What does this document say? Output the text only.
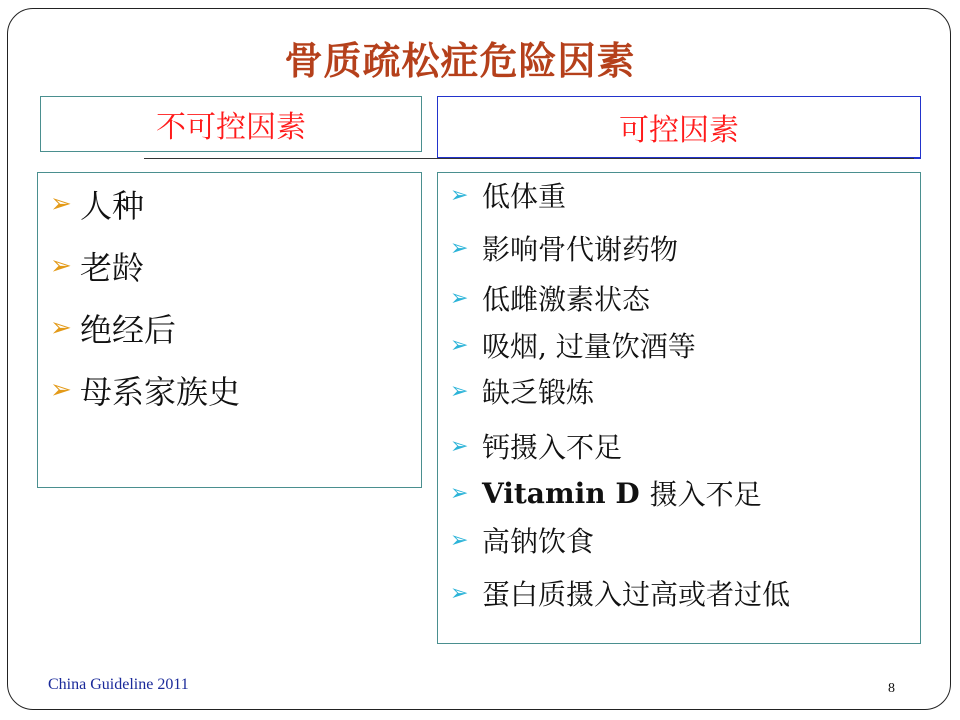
骨质疏松症危险因素
不可控因素	可控因素
➢ 人种
➢ 老龄
➢ 绝经后
➢ 母系家族史
➢ 低体重
➢ 影响骨代谢药物
➢ 低雌激素状态
➢ 吸烟, 过量饮酒等
➢ 缺乏锻炼
➢ 钙摄入不足
➢ Vitamin D 摄入不足
➢ 高钠饮食
➢ 蛋白质摄入过高或者过低
China Guideline 2011	8
